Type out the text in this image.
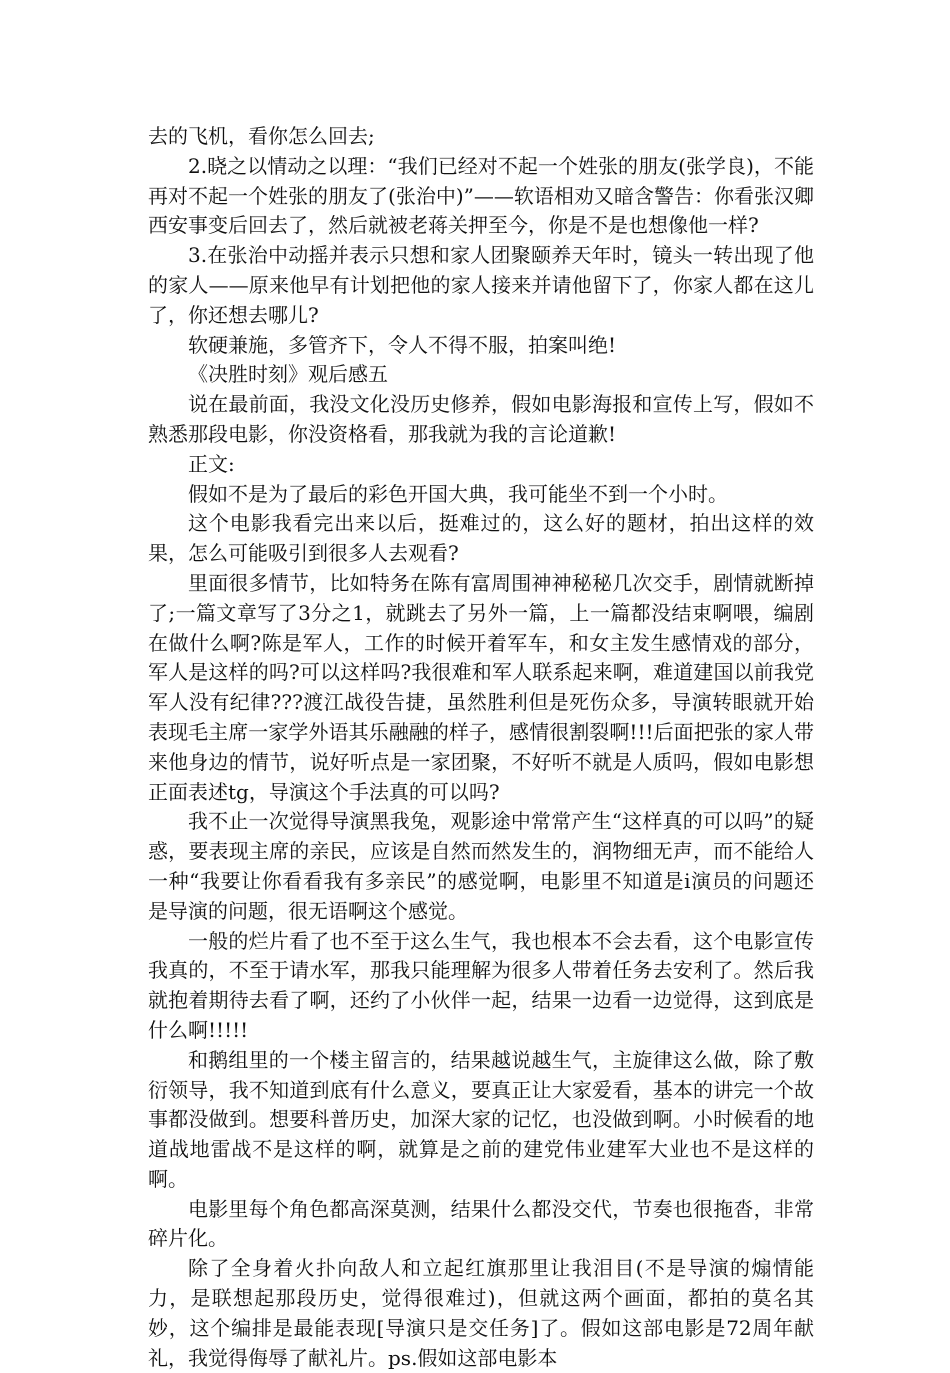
去的飞机，看你怎么回去;

2.晓之以情动之以理：“我们已经对不起一个姓张的朋友(张学良)，不能再对不起一个姓张的朋友了(张治中)”——软语相劝又暗含警告：你看张汉卿西安事变后回去了，然后就被老蒋关押至今，你是不是也想像他一样?

3.在张治中动摇并表示只想和家人团聚颐养天年时，镜头一转出现了他的家人——原来他早有计划把他的家人接来并请他留下了，你家人都在这儿了，你还想去哪儿?

软硬兼施，多管齐下，令人不得不服，拍案叫绝!

《决胜时刻》观后感五

说在最前面，我没文化没历史修养，假如电影海报和宣传上写，假如不熟悉那段电影，你没资格看，那我就为我的言论道歉!

正文:

假如不是为了最后的彩色开国大典，我可能坐不到一个小时。

这个电影我看完出来以后，挺难过的，这么好的题材，拍出这样的效果，怎么可能吸引到很多人去观看?

里面很多情节，比如特务在陈有富周围神神秘秘几次交手，剧情就断掉了;一篇文章写了3分之1，就跳去了另外一篇，上一篇都没结束啊喂，编剧在做什么啊?陈是军人，工作的时候开着军车，和女主发生感情戏的部分，军人是这样的吗?可以这样吗?我很难和军人联系起来啊，难道建国以前我党军人没有纪律???渡江战役告捷，虽然胜利但是死伤众多，导演转眼就开始表现毛主席一家学外语其乐融融的样子，感情很割裂啊!!!后面把张的家人带来他身边的情节，说好听点是一家团聚，不好听不就是人质吗，假如电影想正面表述tg，导演这个手法真的可以吗?

我不止一次觉得导演黑我兔，观影途中常常产生“这样真的可以吗”的疑惑，要表现主席的亲民，应该是自然而然发生的，润物细无声，而不能给人一种“我要让你看看我有多亲民”的感觉啊，电影里不知道是i演员的问题还是导演的问题，很无语啊这个感觉。

一般的烂片看了也不至于这么生气，我也根本不会去看，这个电影宣传我真的，不至于请水军，那我只能理解为很多人带着任务去安利了。然后我就抱着期待去看了啊，还约了小伙伴一起，结果一边看一边觉得，这到底是什么啊!!!!!

和鹅组里的一个楼主留言的，结果越说越生气，主旋律这么做，除了敷衍领导，我不知道到底有什么意义，要真正让大家爱看，基本的讲完一个故事都没做到。想要科普历史，加深大家的记忆，也没做到啊。小时候看的地道战地雷战不是这样的啊，就算是之前的建党伟业建军大业也不是这样的啊。

电影里每个角色都高深莫测，结果什么都没交代，节奏也很拖沓，非常碎片化。

除了全身着火扑向敌人和立起红旗那里让我泪目(不是导演的煽情能力，是联想起那段历史，觉得很难过)，但就这两个画面，都拍的莫名其妙，这个编排是最能表现[导演只是交任务]了。假如这部电影是72周年献礼，我觉得侮辱了献礼片。ps.假如这部电影本
